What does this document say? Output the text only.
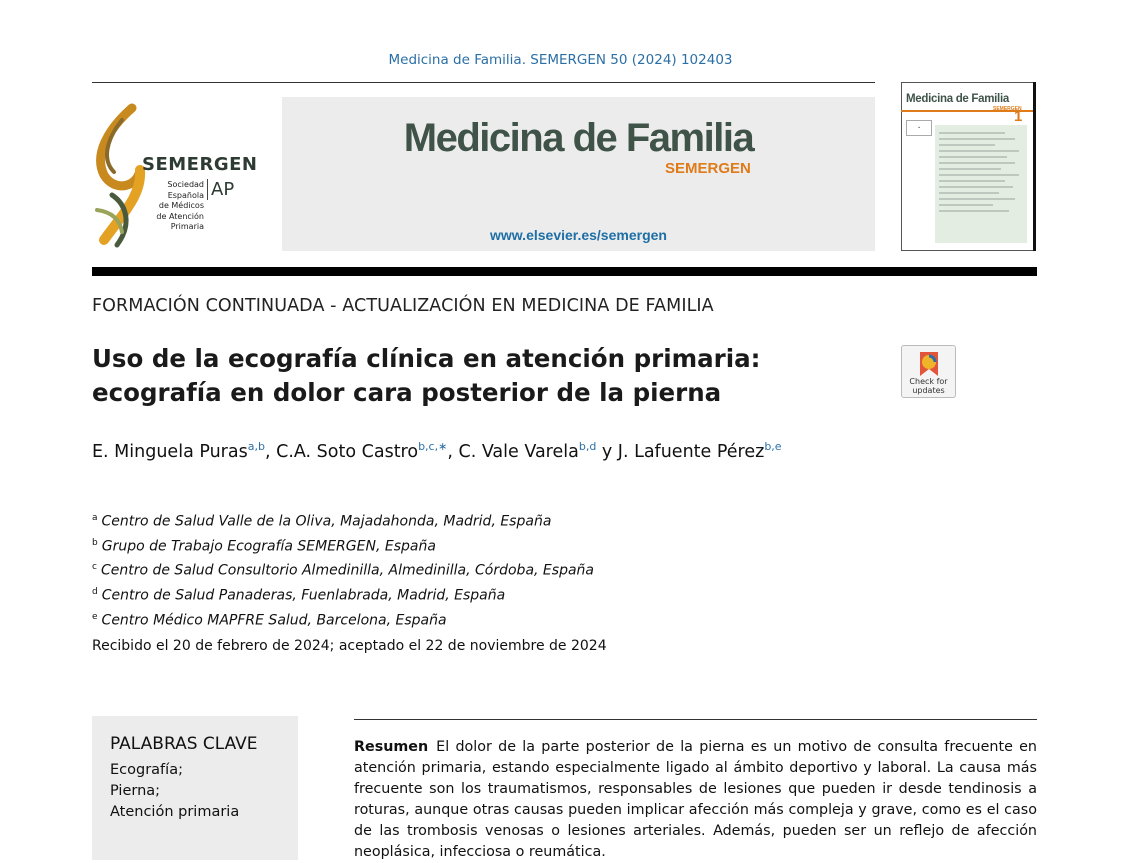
Medicina de Familia. SEMERGEN 50 (2024) 102403
SEMERGEN
Sociedad
Española
de Médicos
de Atención
Primaria
AP
Medicina de Familia
SEMERGEN
www.elsevier.es/semergen
Medicina de Familia
SEMERGEN
1
•
FORMACIÓN CONTINUADA - ACTUALIZACIÓN EN MEDICINA DE FAMILIA
Uso de la ecografía clínica en atención primaria: ecografía en dolor cara posterior de la pierna	Check for updates
E. Minguela Puras$^{a,b}$, C.A. Soto Castro$^{b,c,∗}$, C. Vale Varela$^{b,d}$ y J. Lafuente Pérez$^{b,e}$
$^a$ Centro de Salud Valle de la Oliva, Majadahonda, Madrid, España
$^b$ Grupo de Trabajo Ecografía SEMERGEN, España
$^c$ Centro de Salud Consultorio Almedinilla, Almedinilla, Córdoba, España
$^d$ Centro de Salud Panaderas, Fuenlabrada, Madrid, España
$^e$ Centro Médico MAPFRE Salud, Barcelona, España
Recibido el 20 de febrero de 2024; aceptado el 22 de noviembre de 2024
PALABRAS CLAVE
Ecografía;
Pierna;
Atención primaria
Resumen El dolor de la parte posterior de la pierna es un motivo de consulta frecuente en atención primaria, estando especialmente ligado al ámbito deportivo y laboral. La causa más frecuente son los traumatismos, responsables de lesiones que pueden ir desde tendinosis a roturas, aunque otras causas pueden implicar afección más compleja y grave, como es el caso de las trombosis venosas o lesiones arteriales. Además, pueden ser un reflejo de afección neoplásica, infecciosa o reumática.
